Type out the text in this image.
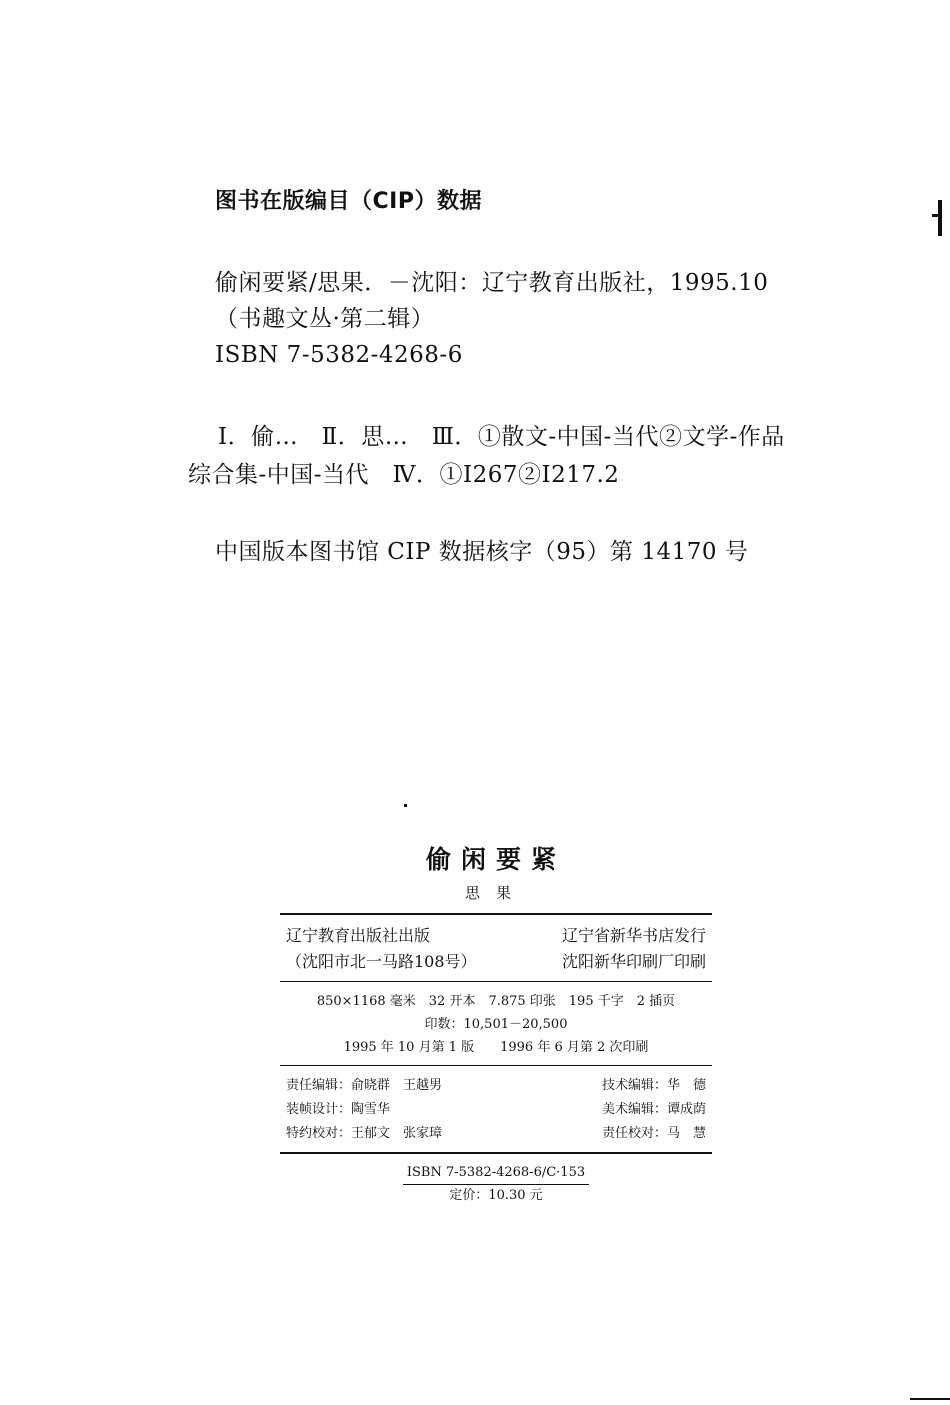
图书在版编目（CIP）数据
偷闲要紧/思果．－沈阳：辽宁教育出版社，1995.10
（书趣文丛·第二辑）
ISBN 7-5382-4268-6
Ⅰ．偷…　Ⅱ．思…　Ⅲ．①散文-中国-当代②文学-作品
综合集-中国-当代　Ⅳ．①Ⅰ267②Ⅰ217.2
中国版本图书馆 CIP 数据核字（95）第 14170 号
偷闲要紧
思果
辽宁教育出版社出版	辽宁省新华书店发行
（沈阳市北一马路108号）	沈阳新华印刷厂印刷
850×1168 毫米　32 开本　7.875 印张　195 千字　2 插页
印数：10,501－20,500
1995 年 10 月第 1 版　　1996 年 6 月第 2 次印刷
责任编辑：俞晓群　王越男
装帧设计：陶雪华
特约校对：王郁文　张家璋
技术编辑：华　德
美术编辑：谭成荫
责任校对：马　慧
ISBN 7-5382-4268-6/C·153
定价：10.30 元
